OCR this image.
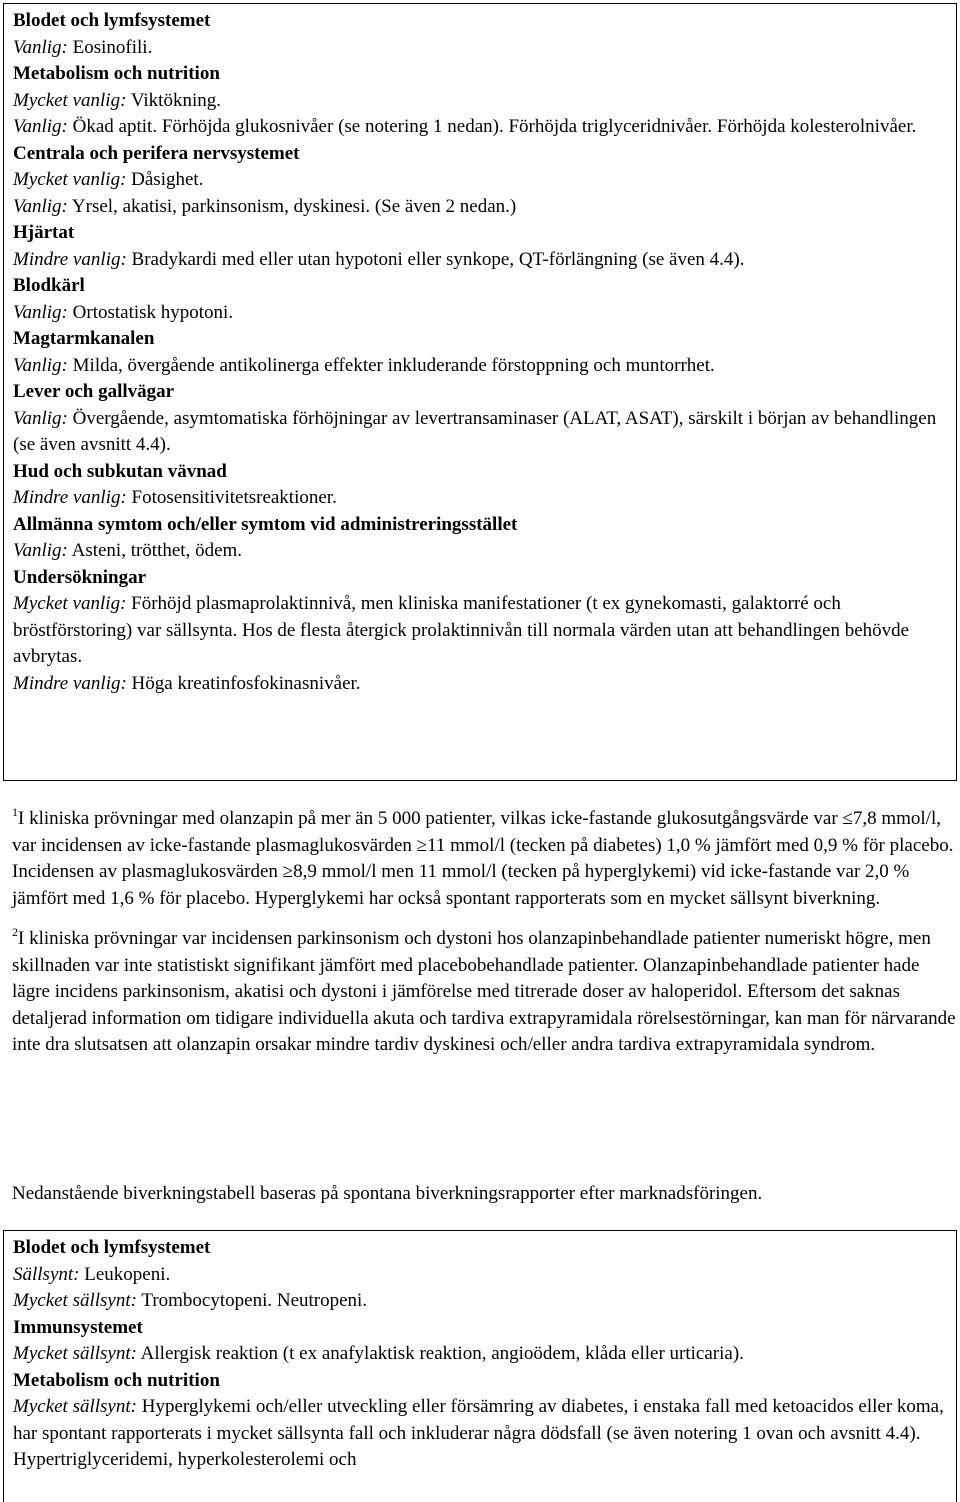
Blodet och lymfsystemet
Vanlig: Eosinofili.
Metabolism och nutrition
Mycket vanlig: Viktökning.
Vanlig: Ökad aptit. Förhöjda glukosnivåer (se notering 1 nedan). Förhöjda triglyceridnivåer. Förhöjda kolesterolnivåer.
Centrala och perifera nervsystemet
Mycket vanlig: Dåsighet.
Vanlig: Yrsel, akatisi, parkinsonism, dyskinesi. (Se även 2 nedan.)
Hjärtat
Mindre vanlig: Bradykardi med eller utan hypotoni eller synkope, QT-förlängning (se även 4.4).
Blodkärl
Vanlig: Ortostatisk hypotoni.
Magtarmkanalen
Vanlig: Milda, övergående antikolinerga effekter inkluderande förstoppning och muntorrhet.
Lever och gallvägar
Vanlig: Övergående, asymtomatiska förhöjningar av levertransaminaser (ALAT, ASAT), särskilt i början av behandlingen (se även avsnitt 4.4).
Hud och subkutan vävnad
Mindre vanlig: Fotosensitivitetsreaktioner.
Allmänna symtom och/eller symtom vid administreringsstället
Vanlig: Asteni, trötthet, ödem.
Undersökningar
Mycket vanlig: Förhöjd plasmaprolaktinnivå, men kliniska manifestationer (t ex gynekomasti, galaktorré och bröstförstoring) var sällsynta. Hos de flesta återgick prolaktinnivån till normala värden utan att behandlingen behövde avbrytas.
Mindre vanlig: Höga kreatinfosfokinasnivåer.

$^1$I kliniska prövningar med olanzapin på mer än 5 000 patienter, vilkas icke-fastande glukosutgångsvärde var ≤7,8 mmol/l, var incidensen av icke-fastande plasmaglukosvärden ≥11 mmol/l (tecken på diabetes) 1,0 % jämfört med 0,9 % för placebo. Incidensen av plasmaglukosvärden ≥8,9 mmol/l men 11 mmol/l (tecken på hyperglykemi) vid icke-fastande var 2,0 % jämfört med 1,6 % för placebo. Hyperglykemi har också spontant rapporterats som en mycket sällsynt biverkning.

$^2$I kliniska prövningar var incidensen parkinsonism och dystoni hos olanzapinbehandlade patienter numeriskt högre, men skillnaden var inte statistiskt signifikant jämfört med placebobehandlade patienter. Olanzapinbehandlade patienter hade lägre incidens parkinsonism, akatisi och dystoni i jämförelse med titrerade doser av haloperidol. Eftersom det saknas detaljerad information om tidigare individuella akuta och tardiva extrapyramidala rörelsestörningar, kan man för närvarande inte dra slutsatsen att olanzapin orsakar mindre tardiv dyskinesi och/eller andra tardiva extrapyramidala syndrom.

Nedanstående biverkningstabell baseras på spontana biverkningsrapporter efter marknadsföringen.

Blodet och lymfsystemet
Sällsynt: Leukopeni.
Mycket sällsynt: Trombocytopeni. Neutropeni.
Immunsystemet
Mycket sällsynt: Allergisk reaktion (t ex anafylaktisk reaktion, angioödem, klåda eller urticaria).
Metabolism och nutrition
Mycket sällsynt: Hyperglykemi och/eller utveckling eller försämring av diabetes, i enstaka fall med ketoacidos eller koma, har spontant rapporterats i mycket sällsynta fall och inkluderar några dödsfall (se även notering 1 ovan och avsnitt 4.4). Hypertriglyceridemi, hyperkolesterolemi och
